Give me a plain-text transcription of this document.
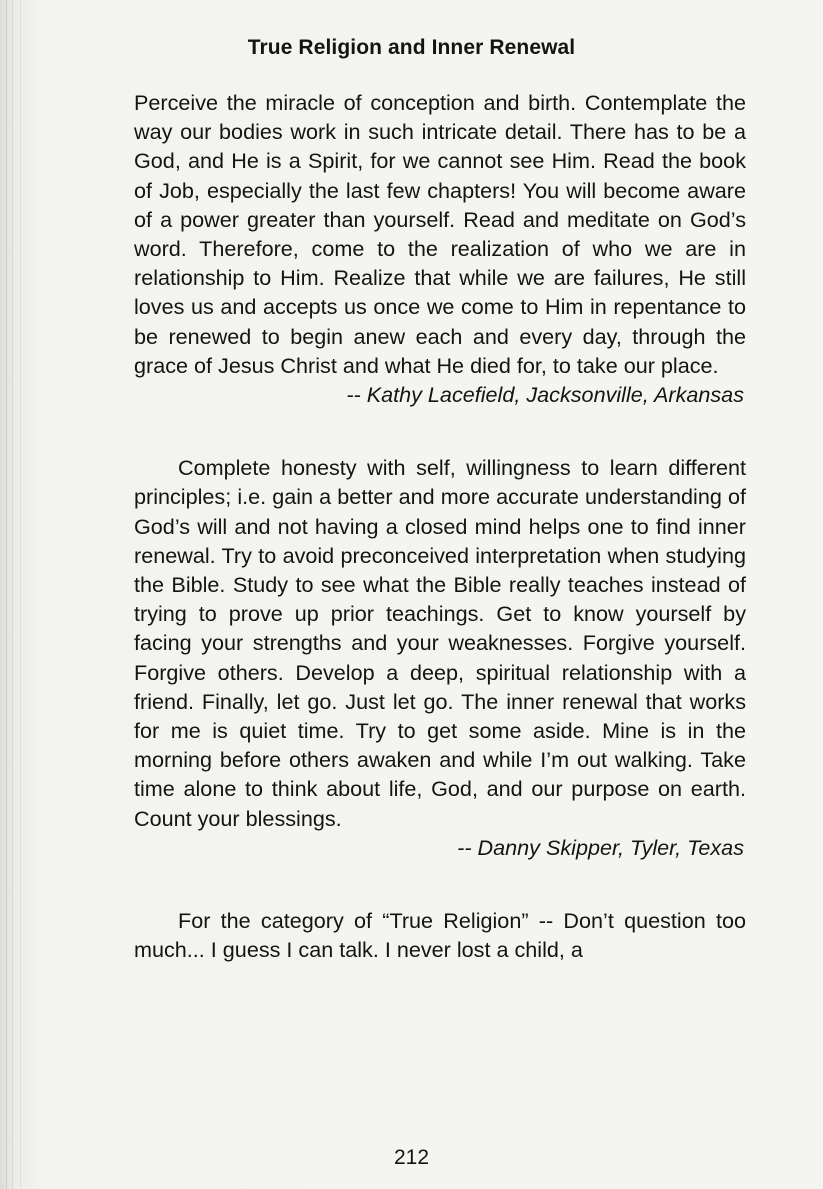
True Religion and Inner Renewal

Perceive the miracle of conception and birth. Contemplate the way our bodies work in such intricate detail. There has to be a God, and He is a Spirit, for we cannot see Him. Read the book of Job, especially the last few chapters! You will become aware of a power greater than yourself. Read and meditate on God’s word. Therefore, come to the realization of who we are in relationship to Him. Realize that while we are failures, He still loves us and accepts us once we come to Him in repentance to be renewed to begin anew each and every day, through the grace of Jesus Christ and what He died for, to take our place.

-- Kathy Lacefield, Jacksonville, Arkansas

Complete honesty with self, willingness to learn different principles; i.e. gain a better and more accurate understanding of God’s will and not having a closed mind helps one to find inner renewal. Try to avoid preconceived interpretation when studying the Bible. Study to see what the Bible really teaches instead of trying to prove up prior teachings. Get to know yourself by facing your strengths and your weaknesses. Forgive yourself. Forgive others. Develop a deep, spiritual relationship with a friend. Finally, let go. Just let go. The inner renewal that works for me is quiet time. Try to get some aside. Mine is in the morning before others awaken and while I’m out walking. Take time alone to think about life, God, and our purpose on earth. Count your blessings.

-- Danny Skipper, Tyler, Texas

For the category of “True Religion” -- Don’t question too much... I guess I can talk. I never lost a child, a

212
